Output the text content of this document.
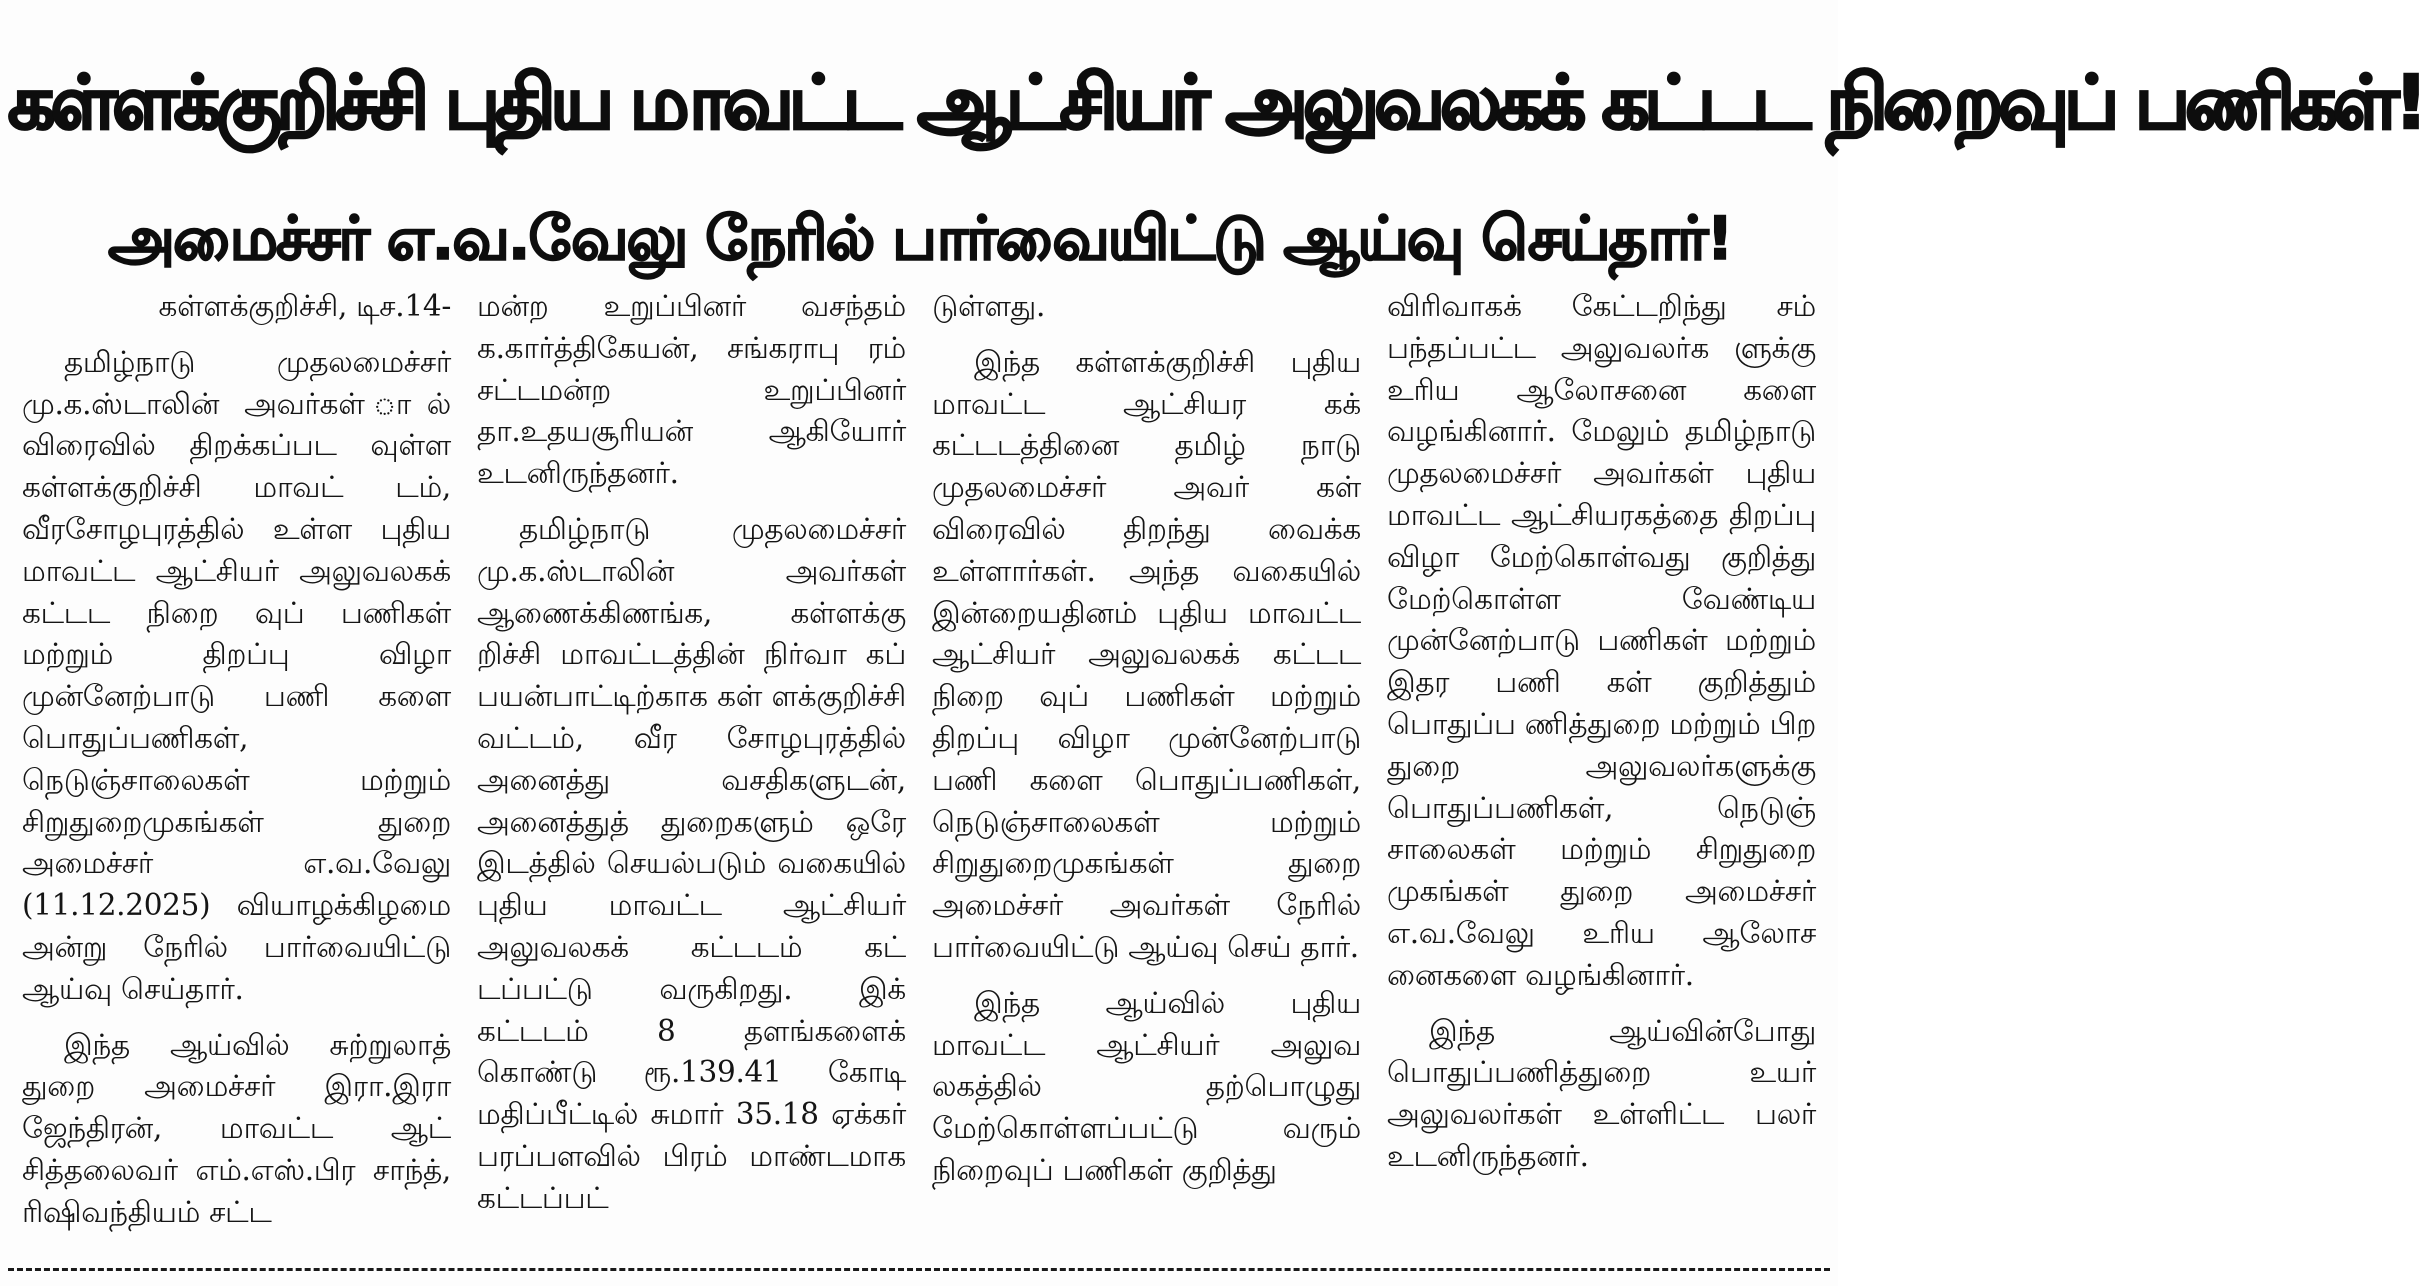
கள்ளக்குறிச்சி புதிய மாவட்ட ஆட்சியர் அலுவலகக் கட்டட நிறைவுப் பணிகள்!
அமைச்சர் எ.வ.வேலு நேரில் பார்வையிட்டு ஆய்வு செய்தார்!

கள்ளக்குறிச்சி, டிச.14-

தமிழ்நாடு முதலமைச்சர் மு.க.ஸ்டாலின் அவர்கள் ால் விரைவில் திறக்கப்பட வுள்ள கள்ளக்குறிச்சி மாவட் டம், வீரசோழபுரத்தில் உள்ள புதிய மாவட்ட ஆட்சியர் அலுவலகக் கட்டட நிறை வுப் பணிகள் மற்றும் திறப்பு விழா முன்னேற்பாடு பணி களை பொதுப்பணிகள், நெடுஞ்சாலைகள் மற்றும் சிறுதுறைமுகங்கள் துறை அமைச்சர் எ.வ.வேலு (11.12.2025) வியாழக்கிழமை அன்று நேரில் பார்வையிட்டு ஆய்வு செய்தார்.

இந்த ஆய்வில் சுற்றுலாத் துறை அமைச்சர் இரா.இரா ஜேந்திரன், மாவட்ட ஆட் சித்தலைவர் எம்.எஸ்.பிர சாந்த், ரிஷிவந்தியம் சட்ட

மன்ற உறுப்பினர் வசந்தம் க.கார்த்திகேயன், சங்கராபு ரம் சட்டமன்ற உறுப்பினர் தா.உதயசூரியன் ஆகியோர் உடனிருந்தனர்.

தமிழ்நாடு முதலமைச்சர் மு.க.ஸ்டாலின் அவர்கள் ஆணைக்கிணங்க, கள்ளக்கு றிச்சி மாவட்டத்தின் நிர்வா கப் பயன்பாட்டிற்காக கள் ளக்குறிச்சி வட்டம், வீர சோழபுரத்தில் அனைத்து வசதிகளுடன், அனைத்துத் துறைகளும் ஒரே இடத்தில் செயல்படும் வகையில் புதிய மாவட்ட ஆட்சியர் அலுவலகக் கட்டடம் கட் டப்பட்டு வருகிறது. இக் கட்டடம் 8 தளங்களைக் கொண்டு ரூ.139.41 கோடி மதிப்பீட்டில் சுமார் 35.18 ஏக்கர் பரப்பளவில் பிரம் மாண்டமாக கட்டப்பட்

டுள்ளது.

இந்த கள்ளக்குறிச்சி புதிய மாவட்ட ஆட்சியர கக் கட்டடத்தினை தமிழ் நாடு முதலமைச்சர் அவர் கள் விரைவில் திறந்து வைக்க உள்ளார்கள். அந்த வகையில் இன்றையதினம் புதிய மாவட்ட ஆட்சியர் அலுவலகக் கட்டட நிறை வுப் பணிகள் மற்றும் திறப்பு விழா முன்னேற்பாடு பணி களை பொதுப்பணிகள், நெடுஞ்சாலைகள் மற்றும் சிறுதுறைமுகங்கள் துறை அமைச்சர் அவர்கள் நேரில் பார்வையிட்டு ஆய்வு செய் தார்.

இந்த ஆய்வில் புதிய மாவட்ட ஆட்சியர் அலுவ லகத்தில் தற்பொழுது மேற்கொள்ளப்பட்டு வரும் நிறைவுப் பணிகள் குறித்து

விரிவாகக் கேட்டறிந்து சம் பந்தப்பட்ட அலுவலர்க ளுக்கு உரிய ஆலோசனை களை வழங்கினார். மேலும் தமிழ்நாடு முதலமைச்சர் அவர்கள் புதிய மாவட்ட ஆட்சியரகத்தை திறப்பு விழா மேற்கொள்வது குறித்து மேற்கொள்ள வேண்டிய முன்னேற்பாடு பணிகள் மற்றும் இதர பணி கள் குறித்தும் பொதுப்ப ணித்துறை மற்றும் பிற துறை அலுவலர்களுக்கு பொதுப்பணிகள், நெடுஞ் சாலைகள் மற்றும் சிறுதுறை முகங்கள் துறை அமைச்சர் எ.வ.வேலு உரிய ஆலோச னைகளை வழங்கினார்.

இந்த ஆய்வின்போது பொதுப்பணித்துறை உயர் அலுவலர்கள் உள்ளிட்ட பலர் உடனிருந்தனர்.
